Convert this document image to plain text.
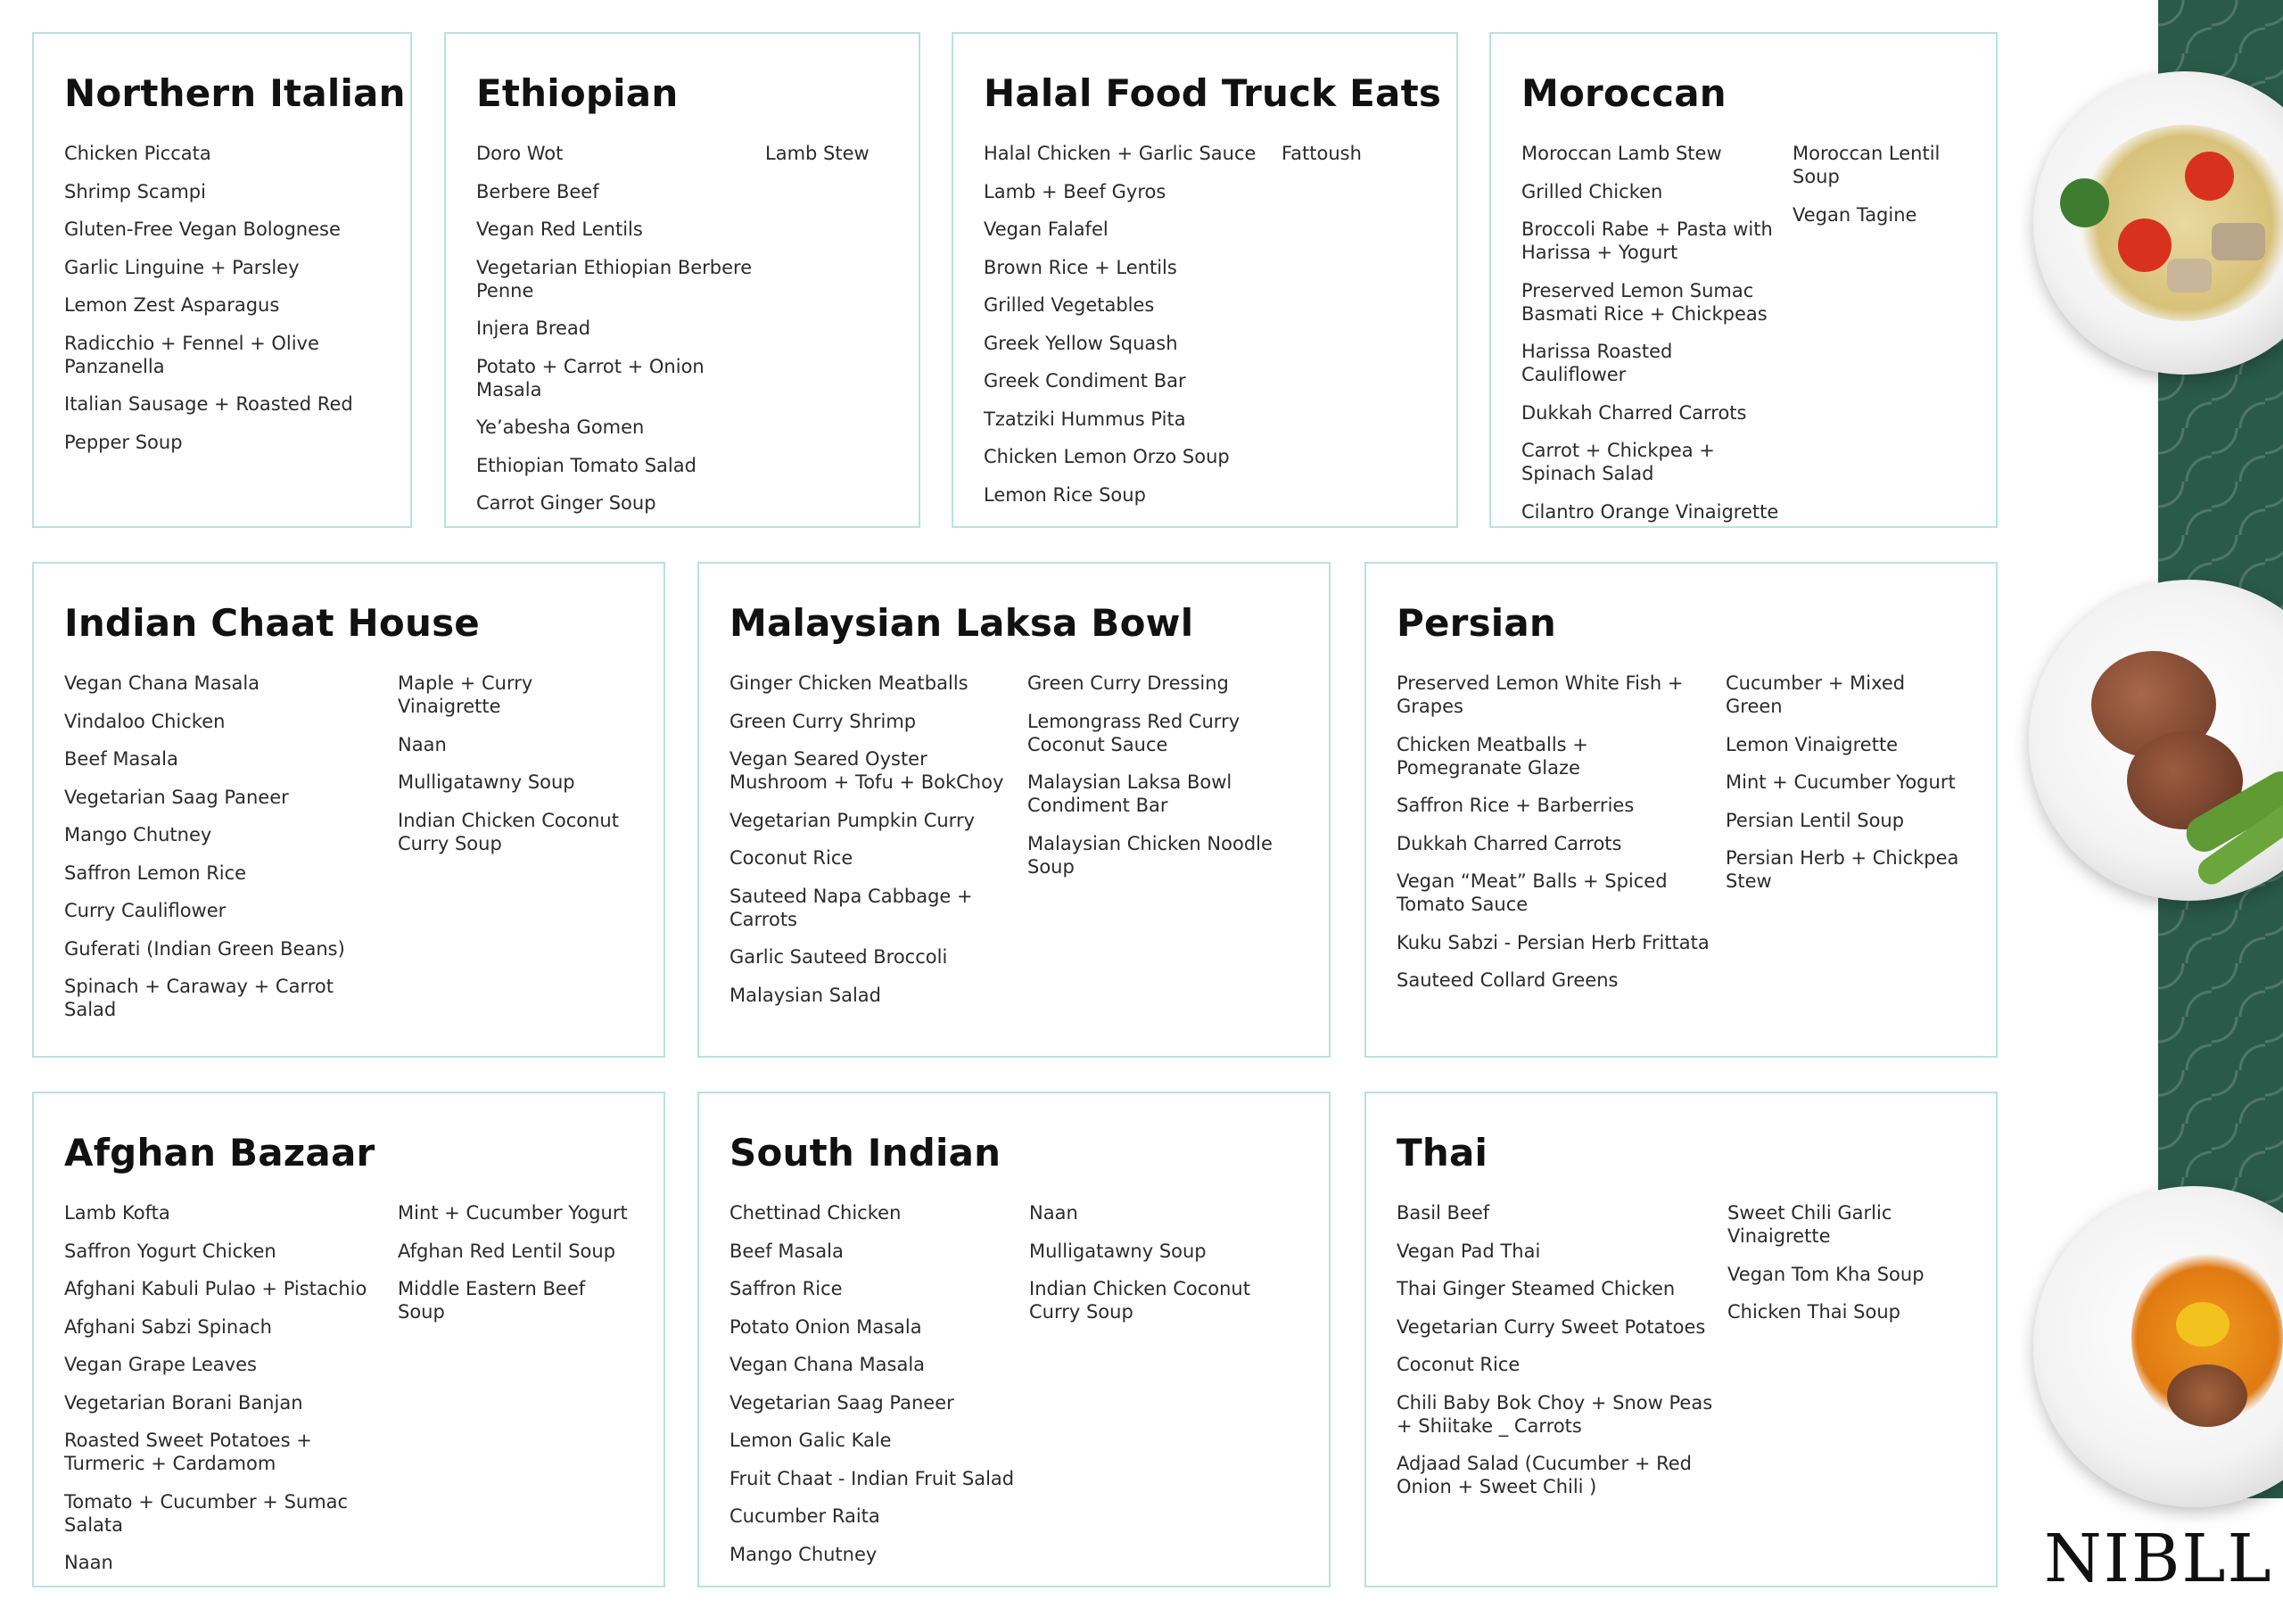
Northern Italian
Chicken Piccata
Shrimp Scampi
Gluten-Free Vegan Bolognese
Garlic Linguine + Parsley
Lemon Zest Asparagus
Radicchio + Fennel + Olive Panzanella
Italian Sausage + Roasted Red
Pepper Soup
Ethiopian
Doro Wot
Berbere Beef
Vegan Red Lentils
Vegetarian Ethiopian Berbere Penne
Injera Bread
Potato + Carrot + Onion Masala
Ye’abesha Gomen
Ethiopian Tomato Salad
Carrot Ginger Soup
Lamb Stew
Halal Food Truck Eats
Halal Chicken + Garlic Sauce
Lamb + Beef Gyros
Vegan Falafel
Brown Rice + Lentils
Grilled Vegetables
Greek Yellow Squash
Greek Condiment Bar
Tzatziki Hummus Pita
Chicken Lemon Orzo Soup
Lemon Rice Soup
Fattoush
Moroccan
Moroccan Lamb Stew
Grilled Chicken
Broccoli Rabe + Pasta with Harissa + Yogurt
Preserved Lemon Sumac Basmati Rice + Chickpeas
Harissa Roasted Cauliflower
Dukkah Charred Carrots
Carrot + Chickpea + Spinach Salad
Cilantro Orange Vinaigrette
Moroccan Lentil Soup
Vegan Tagine
Indian Chaat House
Vegan Chana Masala
Vindaloo Chicken
Beef Masala
Vegetarian Saag Paneer
Mango Chutney
Saffron Lemon Rice
Curry Cauliflower
Guferati (Indian Green Beans)
Spinach + Caraway + Carrot Salad
Maple + Curry Vinaigrette
Naan
Mulligatawny Soup
Indian Chicken Coconut Curry Soup
Malaysian Laksa Bowl
Ginger Chicken Meatballs
Green Curry Shrimp
Vegan Seared Oyster Mushroom + Tofu + BokChoy
Vegetarian Pumpkin Curry
Coconut Rice
Sauteed Napa Cabbage + Carrots
Garlic Sauteed Broccoli
Malaysian Salad
Green Curry Dressing
Lemongrass Red Curry Coconut Sauce
Malaysian Laksa Bowl Condiment Bar
Malaysian Chicken Noodle Soup
Persian
Preserved Lemon White Fish + Grapes
Chicken Meatballs + Pomegranate Glaze
Saffron Rice + Barberries
Dukkah Charred Carrots
Vegan “Meat” Balls + Spiced Tomato Sauce
Kuku Sabzi - Persian Herb Frittata
Sauteed Collard Greens
Cucumber + Mixed Green
Lemon Vinaigrette
Mint + Cucumber Yogurt
Persian Lentil Soup
Persian Herb + Chickpea Stew
Afghan Bazaar
Lamb Kofta
Saffron Yogurt Chicken
Afghani Kabuli Pulao + Pistachio
Afghani Sabzi Spinach
Vegan Grape Leaves
Vegetarian Borani Banjan
Roasted Sweet Potatoes + Turmeric + Cardamom
Tomato + Cucumber + Sumac Salata
Naan
Mint + Cucumber Yogurt
Afghan Red Lentil Soup
Middle Eastern Beef Soup
South Indian
Chettinad Chicken
Beef Masala
Saffron Rice
Potato Onion Masala
Vegan Chana Masala
Vegetarian Saag Paneer
Lemon Galic Kale
Fruit Chaat - Indian Fruit Salad
Cucumber Raita
Mango Chutney
Naan
Mulligatawny Soup
Indian Chicken Coconut Curry Soup
Thai
Basil Beef
Vegan Pad Thai
Thai Ginger Steamed Chicken
Vegetarian Curry Sweet Potatoes
Coconut Rice
Chili Baby Bok Choy + Snow Peas + Shiitake _ Carrots
Adjaad Salad (Cucumber + Red Onion + Sweet Chili )
Sweet Chili Garlic Vinaigrette
Vegan Tom Kha Soup
Chicken Thai Soup
NIBLL
